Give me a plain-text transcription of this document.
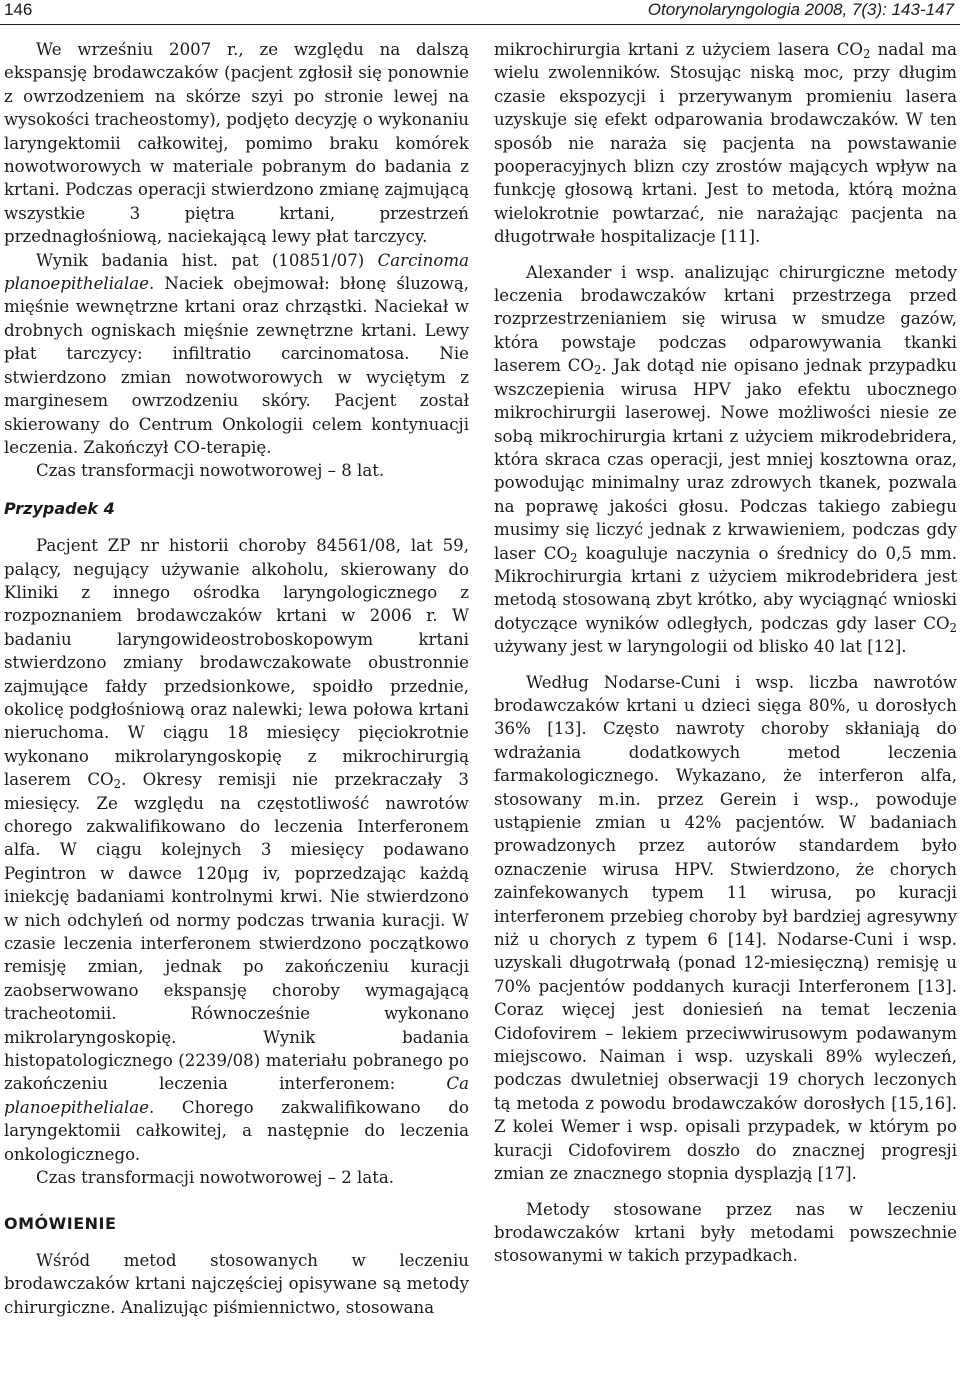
146	Otorynolaryngologia 2008, 7(3): 143-147

We wrześniu 2007 r., ze względu na dalszą ekspansję brodawczaków (pacjent zgłosił się ponownie z owrzodzeniem na skórze szyi po stronie lewej na wysokości tracheostomy), podjęto decyzję o wykonaniu laryngektomii całkowitej, pomimo braku komórek nowotworowych w materiale pobranym do badania z krtani. Podczas operacji stwierdzono zmianę zajmującą wszystkie 3 piętra krtani, przestrzeń przednagłośniową, naciekającą lewy płat tarczycy.

Wynik badania hist. pat (10851/07) Carcinoma planoepithelialae. Naciek obejmował: błonę śluzową, mięśnie wewnętrzne krtani oraz chrząstki. Naciekał w drobnych ogniskach mięśnie zewnętrzne krtani. Lewy płat tarczycy: infiltratio carcinomatosa. Nie stwierdzono zmian nowotworowych w wyciętym z marginesem owrzodzeniu skóry. Pacjent został skierowany do Centrum Onkologii celem kontynuacji leczenia. Zakończył CO-terapię.

Czas transformacji nowotworowej – 8 lat.

Przypadek 4

Pacjent ZP nr historii choroby 84561/08, lat 59, palący, negujący używanie alkoholu, skierowany do Kliniki z innego ośrodka laryngologicznego z rozpoznaniem brodawczaków krtani w 2006 r. W badaniu laryngowideostroboskopowym krtani stwierdzono zmiany brodawczakowate obustronnie zajmujące fałdy przedsionkowe, spoidło przednie, okolicę podgłośniową oraz nalewki; lewa połowa krtani nieruchoma. W ciągu 18 miesięcy pięciokrotnie wykonano mikrolaryngoskopię z mikrochirurgią laserem $CO_2$. Okresy remisji nie przekraczały 3 miesięcy. Ze względu na częstotliwość nawrotów chorego zakwalifikowano do leczenia Interferonem alfa. W ciągu kolejnych 3 miesięcy podawano Pegintron w dawce 120μg iv, poprzedzając każdą iniekcję badaniami kontrolnymi krwi. Nie stwierdzono w nich odchyleń od normy podczas trwania kuracji. W czasie leczenia interferonem stwierdzono początkowo remisję zmian, jednak po zakończeniu kuracji zaobserwowano ekspansję choroby wymagającą tracheotomii. Równocześnie wykonano mikrolaryngoskopię. Wynik badania histopatologicznego (2239/08) materiału pobranego po zakończeniu leczenia interferonem: Ca planoepithelialae. Chorego zakwalifikowano do laryngektomii całkowitej, a następnie do leczenia onkologicznego.

Czas transformacji nowotworowej – 2 lata.

OMÓWIENIE

Wśród metod stosowanych w leczeniu brodawczaków krtani najczęściej opisywane są metody chirurgiczne. Analizując piśmiennictwo, stosowana

mikrochirurgia krtani z użyciem lasera $CO_2$ nadal ma wielu zwolenników. Stosując niską moc, przy długim czasie ekspozycji i przerywanym promieniu lasera uzyskuje się efekt odparowania brodawczaków. W ten sposób nie naraża się pacjenta na powstawanie pooperacyjnych blizn czy zrostów mających wpływ na funkcję głosową krtani. Jest to metoda, którą można wielokrotnie powtarzać, nie narażając pacjenta na długotrwałe hospitalizacje [11].

Alexander i wsp. analizując chirurgiczne metody leczenia brodawczaków krtani przestrzega przed rozprzestrzenianiem się wirusa w smudze gazów, która powstaje podczas odparowywania tkanki laserem $CO_2$. Jak dotąd nie opisano jednak przypadku wszczepienia wirusa HPV jako efektu ubocznego mikrochirurgii laserowej. Nowe możliwości niesie ze sobą mikrochirurgia krtani z użyciem mikrodebridera, która skraca czas operacji, jest mniej kosztowna oraz, powodując minimalny uraz zdrowych tkanek, pozwala na poprawę jakości głosu. Podczas takiego zabiegu musimy się liczyć jednak z krwawieniem, podczas gdy laser $CO_2$ koaguluje naczynia o średnicy do 0,5 mm. Mikrochirurgia krtani z użyciem mikrodebridera jest metodą stosowaną zbyt krótko, aby wyciągnąć wnioski dotyczące wyników odległych, podczas gdy laser $CO_2$ używany jest w laryngologii od blisko 40 lat [12].

Według Nodarse-Cuni i wsp. liczba nawrotów brodawczaków krtani u dzieci sięga 80%, u dorosłych 36% [13]. Często nawroty choroby skłaniają do wdrażania dodatkowych metod leczenia farmakologicznego. Wykazano, że interferon alfa, stosowany m.in. przez Gerein i wsp., powoduje ustąpienie zmian u 42% pacjentów. W badaniach prowadzonych przez autorów standardem było oznaczenie wirusa HPV. Stwierdzono, że chorych zainfekowanych typem 11 wirusa, po kuracji interferonem przebieg choroby był bardziej agresywny niż u chorych z typem 6 [14]. Nodarse-Cuni i wsp. uzyskali długotrwałą (ponad 12-miesięczną) remisję u 70% pacjentów poddanych kuracji Interferonem [13]. Coraz więcej jest doniesień na temat leczenia Cidofovirem – lekiem przeciwwirusowym podawanym miejscowo. Naiman i wsp. uzyskali 89% wyleczeń, podczas dwuletniej obserwacji 19 chorych leczonych tą metoda z powodu brodawczaków dorosłych [15,16]. Z kolei Wemer i wsp. opisali przypadek, w którym po kuracji Cidofovirem doszło do znacznej progresji zmian ze znacznego stopnia dysplazją [17].

Metody stosowane przez nas w leczeniu brodawczaków krtani były metodami powszechnie stosowanymi w takich przypadkach.
